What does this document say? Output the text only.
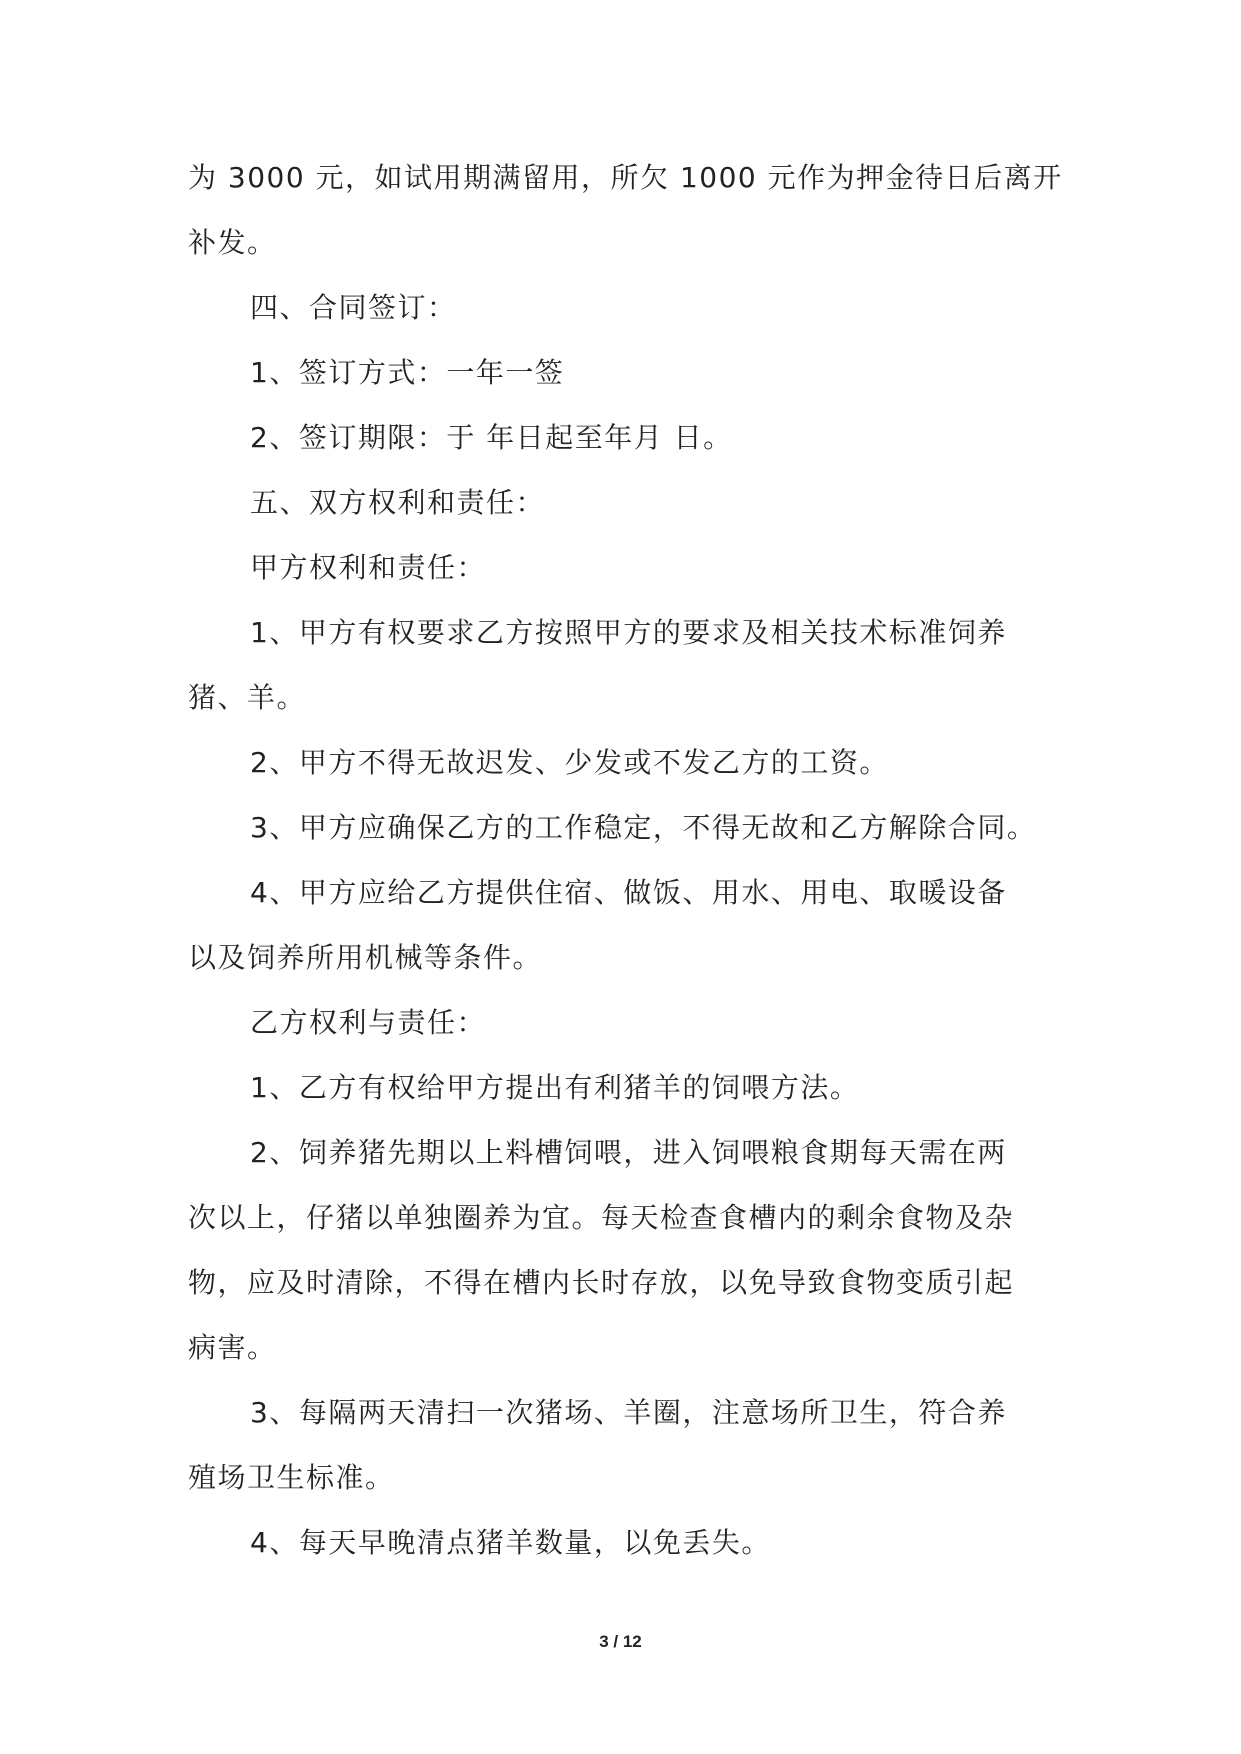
为 3000 元，如试用期满留用，所欠 1000 元作为押金待日后离开
补发。
四、合同签订：
1、签订方式：一年一签
2、签订期限：于 年日起至年月 日。
五、双方权利和责任：
甲方权利和责任：
1、甲方有权要求乙方按照甲方的要求及相关技术标准饲养
猪、羊。
2、甲方不得无故迟发、少发或不发乙方的工资。
3、甲方应确保乙方的工作稳定，不得无故和乙方解除合同。
4、甲方应给乙方提供住宿、做饭、用水、用电、取暖设备
以及饲养所用机械等条件。
乙方权利与责任：
1、乙方有权给甲方提出有利猪羊的饲喂方法。
2、饲养猪先期以上料槽饲喂，进入饲喂粮食期每天需在两
次以上，仔猪以单独圈养为宜。每天检查食槽内的剩余食物及杂
物，应及时清除，不得在槽内长时存放，以免导致食物变质引起
病害。
3、每隔两天清扫一次猪场、羊圈，注意场所卫生，符合养
殖场卫生标准。
4、每天早晚清点猪羊数量，以免丢失。
3 / 12
